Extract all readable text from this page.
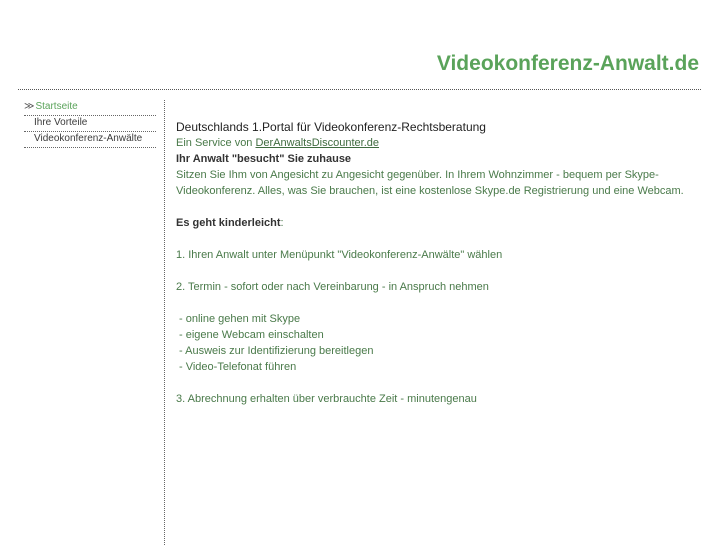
Videokonferenz-Anwalt.de
≫Startseite
Ihre Vorteile
Videokonferenz-Anwälte

Deutschlands 1.Portal für Videokonferenz-Rechtsberatung

Ein Service von DerAnwaltsDiscounter.de

Ihr Anwalt "besucht" Sie zuhause

Sitzen Sie Ihm von Angesicht zu Angesicht gegenüber. In Ihrem Wohnzimmer - bequem per Skype-Videokonferenz. Alles, was Sie brauchen, ist eine kostenlose Skype.de Registrierung und eine Webcam.

Es geht kinderleicht:

1. Ihren Anwalt unter Menüpunkt "Videokonferenz-Anwälte" wählen

2. Termin - sofort oder nach Vereinbarung - in Anspruch nehmen

- online gehen mit Skype

- eigene Webcam einschalten

- Ausweis zur Identifizierung bereitlegen

- Video-Telefonat führen

3. Abrechnung erhalten über verbrauchte Zeit - minutengenau
